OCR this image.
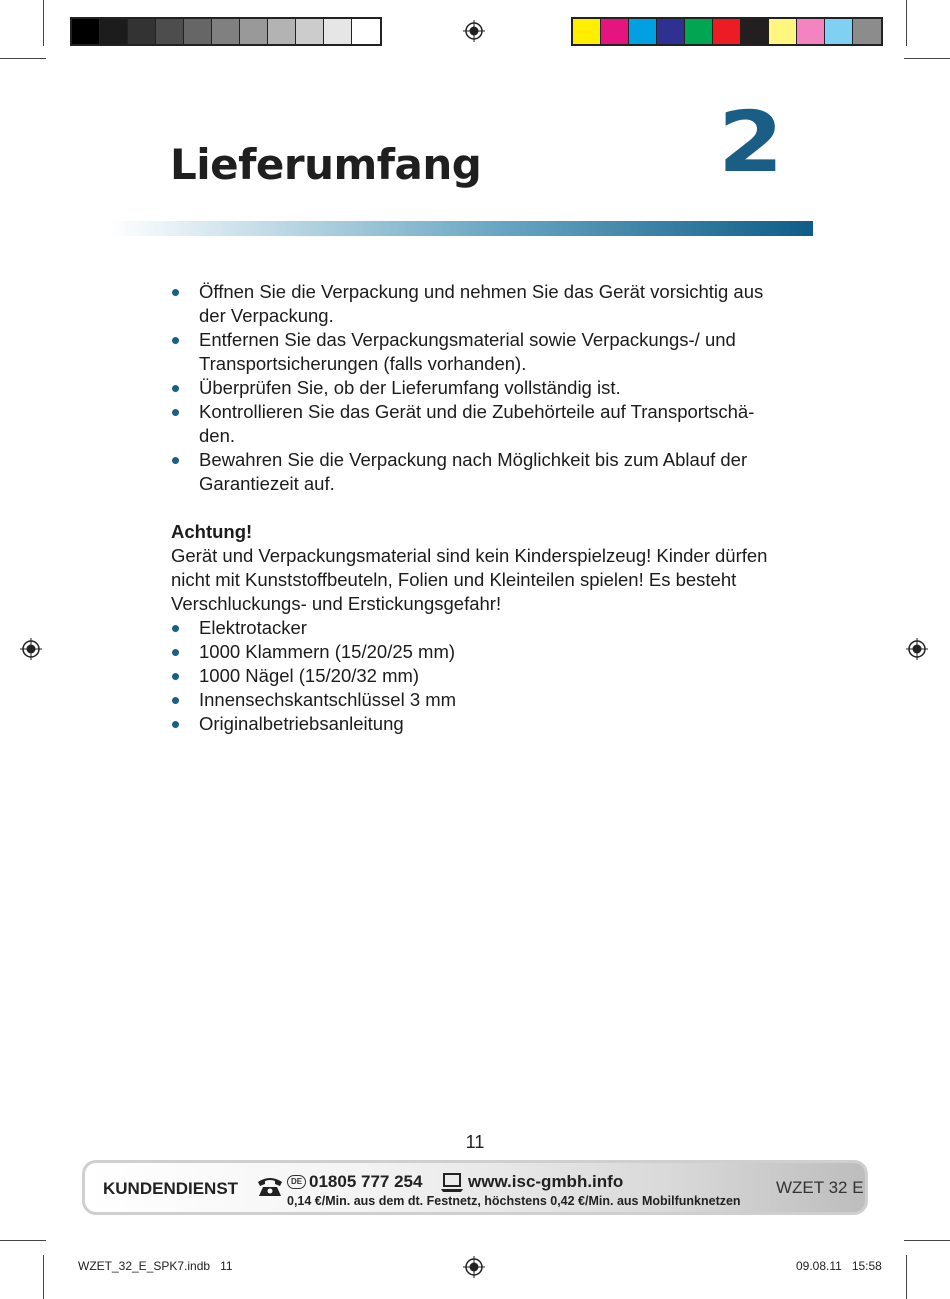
Lieferumfang	2
Öffnen Sie die Verpackung und nehmen Sie das Gerät vorsichtig aus der Verpackung.
Entfernen Sie das Verpackungsmaterial sowie Verpackungs-/ und Transportsicherungen (falls vorhanden).
Überprüfen Sie, ob der Lieferumfang vollständig ist.
Kontrollieren Sie das Gerät und die Zubehörteile auf Transportschä-den.
Bewahren Sie die Verpackung nach Möglichkeit bis zum Ablauf der Garantiezeit auf.
Achtung!
Gerät und Verpackungsmaterial sind kein Kinderspielzeug! Kinder dürfen nicht mit Kunststoffbeuteln, Folien und Kleinteilen spielen! Es besteht Verschluckungs- und Erstickungsgefahr!
Elektrotacker
1000 Klammern (15/20/25 mm)
1000 Nägel (15/20/32 mm)
Innensechskantschlüssel 3 mm
Originalbetriebsanleitung
11
KUNDENDIENST	DE 01805 777 254	www.isc-gmbh.info
0,14 €/Min. aus dem dt. Festnetz, höchstens 0,42 €/Min. aus Mobilfunknetzen
WZET 32 E
WZET_32_E_SPK7.indb   11	09.08.11   15:58
